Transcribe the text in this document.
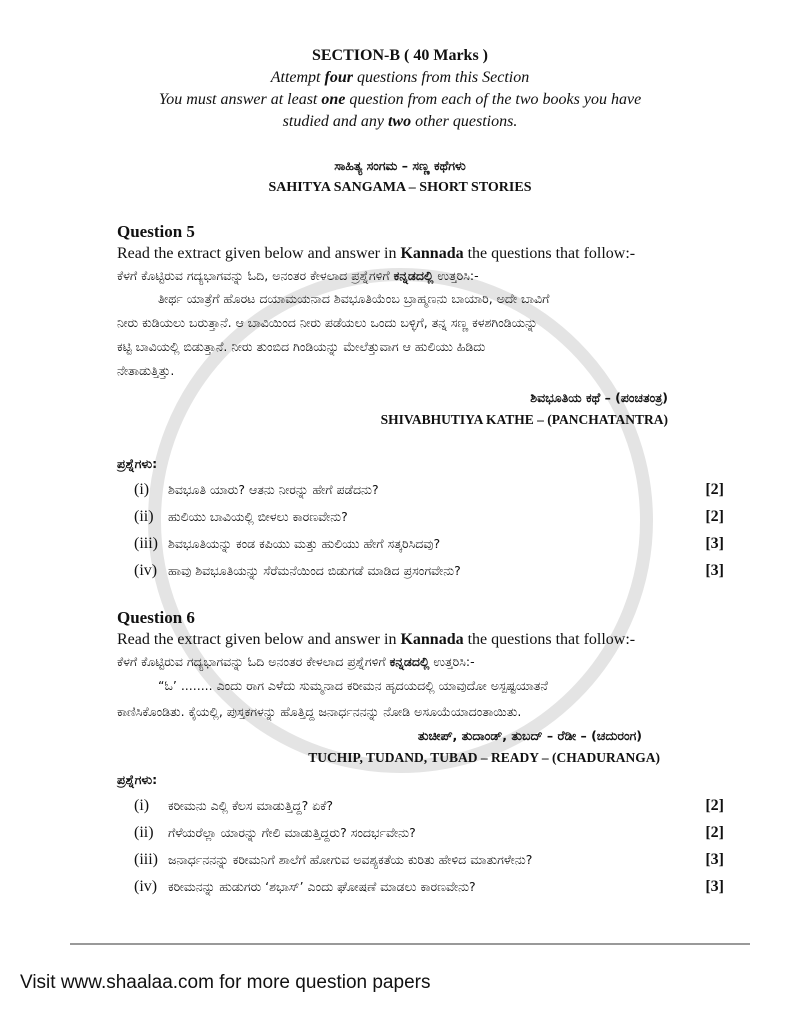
SECTION-B ( 40 Marks )
Attempt four questions from this Section
You must answer at least one question from each of the two books you have
studied and any two other questions.
ಸಾಹಿತ್ಯ ಸಂಗಮ – ಸಣ್ಣ ಕಥೆಗಳು
SAHITYA SANGAMA – SHORT STORIES
Question 5
Read the extract given below and answer in Kannada the questions that follow:-
ಕೆಳಗೆ ಕೊಟ್ಟಿರುವ ಗದ್ಯಭಾಗವನ್ನು ಓದಿ, ಅನಂತರ ಕೇಳಲಾದ ಪ್ರಶ್ನೆಗಳಿಗೆ ಕನ್ನಡದಲ್ಲಿ ಉತ್ತರಿಸಿ:-
ತೀರ್ಥ ಯಾತ್ರೆಗೆ ಹೊರಟ ದಯಾಮಯನಾದ ಶಿವಭೂತಿಯೆಂಬ ಬ್ರಾಹ್ಮಣನು ಬಾಯಾರಿ, ಅದೇ ಬಾವಿಗೆ
ನೀರು ಕುಡಿಯಲು ಬರುತ್ತಾನೆ. ಆ ಬಾವಿಯಿಂದ ನೀರು ಪಡೆಯಲು ಒಂದು ಬಳ್ಳಿಗೆ, ತನ್ನ ಸಣ್ಣ ಕಳಶಗಿಂಡಿಯನ್ನು
ಕಟ್ಟಿ ಬಾವಿಯಲ್ಲಿ ಬಿಡುತ್ತಾನೆ. ನೀರು ತುಂಬಿದ ಗಿಂಡಿಯನ್ನು ಮೇಲೆತ್ತುವಾಗ ಆ ಹುಲಿಯು ಹಿಡಿದು
ನೇತಾಡುತ್ತಿತ್ತು.
ಶಿವಭೂತಿಯ ಕಥೆ – (ಪಂಚತಂತ್ರ)
SHIVABHUTIYA KATHE – (PANCHATANTRA)
ಪ್ರಶ್ನೆಗಳು:
(i)	ಶಿವಭೂತಿ ಯಾರು? ಆತನು ನೀರನ್ನು ಹೇಗೆ ಪಡೆದನು?	[2]
(ii)	ಹುಲಿಯು ಬಾವಿಯಲ್ಲಿ ಬೀಳಲು ಕಾರಣವೇನು?	[2]
(iii) ಶಿವಭೂತಿಯನ್ನು ಕಂಡ ಕಪಿಯು ಮತ್ತು ಹುಲಿಯು ಹೇಗೆ ಸತ್ಕರಿಸಿದವು?	[3]
(iv) ಹಾವು ಶಿವಭೂತಿಯನ್ನು ಸೆರೆಮನೆಯಿಂದ ಬಿಡುಗಡೆ ಮಾಡಿದ ಪ್ರಸಂಗವೇನು?	[3]
Question 6
Read the extract given below and answer in Kannada the questions that follow:-
ಕೆಳಗೆ ಕೊಟ್ಟಿರುವ ಗದ್ಯಭಾಗವನ್ನು ಓದಿ ಅನಂತರ ಕೇಳಲಾದ ಪ್ರಶ್ನೆಗಳಿಗೆ ಕನ್ನಡದಲ್ಲಿ ಉತ್ತರಿಸಿ:-
“ಓ’ ........ ಎಂದು ರಾಗ ಎಳೆದು ಸುಮ್ಮನಾದ ಕರೀಮನ ಹೃದಯದಲ್ಲಿ ಯಾವುದೋ ಅಸ್ಪಷ್ಟಯಾತನೆ
ಕಾಣಿಸಿಕೊಂಡಿತು. ಕೈಯಲ್ಲಿ, ಪುಸ್ತಕಗಳನ್ನು ಹೊತ್ತಿದ್ದ ಜನಾರ್ಧನನನ್ನು ನೋಡಿ ಅಸೂಯೆಯಾದಂತಾಯಿತು.
ತುಚೀಪ್, ತುದಾಂಡ್, ತುಬದ್ – ರೆಡೀ – (ಚದುರಂಗ)
TUCHIP, TUDAND, TUBAD – READY – (CHADURANGA)
ಪ್ರಶ್ನೆಗಳು:
(i)	ಕರೀಮನು ಎಲ್ಲಿ ಕೆಲಸ ಮಾಡುತ್ತಿದ್ದ? ಏಕೆ?	[2]
(ii)	ಗೆಳೆಯರೆಲ್ಲಾ ಯಾರನ್ನು ಗೇಲಿ ಮಾಡುತ್ತಿದ್ದರು? ಸಂದರ್ಭವೇನು?	[2]
(iii) ಜನಾರ್ಧನನನ್ನು ಕರೀಮನಿಗೆ ಶಾಲೆಗೆ ಹೋಗುವ ಅವಶ್ಯಕತೆಯ ಕುರಿತು ಹೇಳಿದ ಮಾತುಗಳೇನು?	[3]
(iv) ಕರೀಮನನ್ನು ಹುಡುಗರು ‘ಶಭಾಸ್’ ಎಂದು ಘೋಷಣೆ ಮಾಡಲು ಕಾರಣವೇನು?	[3]
Visit www.shaalaa.com for more question papers
